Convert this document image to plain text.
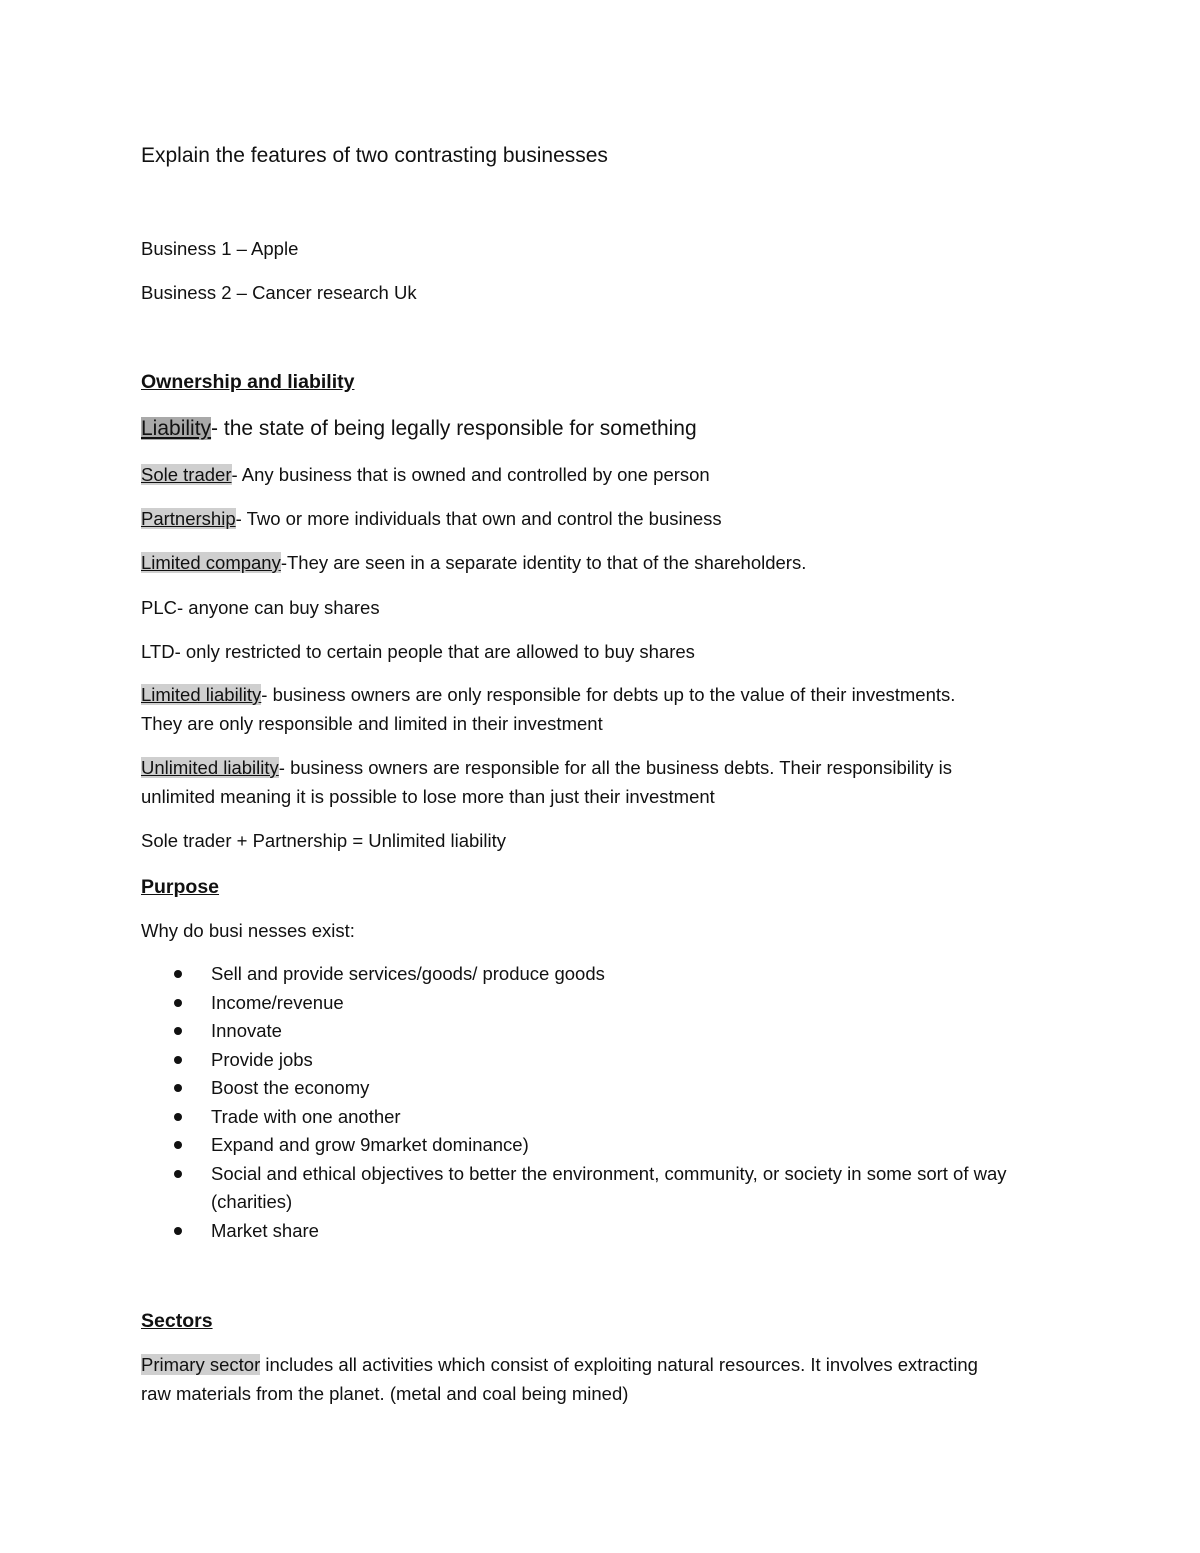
Explain the features of two contrasting businesses
Business 1 – Apple
Business 2 – Cancer research Uk
Ownership and liability
Liability- the state of being legally responsible for something
Sole trader- Any business that is owned and controlled by one person
Partnership- Two or more individuals that own and control the business
Limited company-They are seen in a separate identity to that of the shareholders.
PLC- anyone can buy shares
LTD- only restricted to certain people that are allowed to buy shares
Limited liability- business owners are only responsible for debts up to the value of their investments.
They are only responsible and limited in their investment
Unlimited liability- business owners are responsible for all the business debts. Their responsibility is
unlimited meaning it is possible to lose more than just their investment
Sole trader + Partnership = Unlimited liability
Purpose
Why do busi nesses exist:
Sell and provide services/goods/ produce goods
Income/revenue
Innovate
Provide jobs
Boost the economy
Trade with one another
Expand and grow 9market dominance)
Social and ethical objectives to better the environment, community, or society in some sort of way (charities)
Market share
Sectors
Primary sector includes all activities which consist of exploiting natural resources. It involves extracting
raw materials from the planet. (metal and coal being mined)
